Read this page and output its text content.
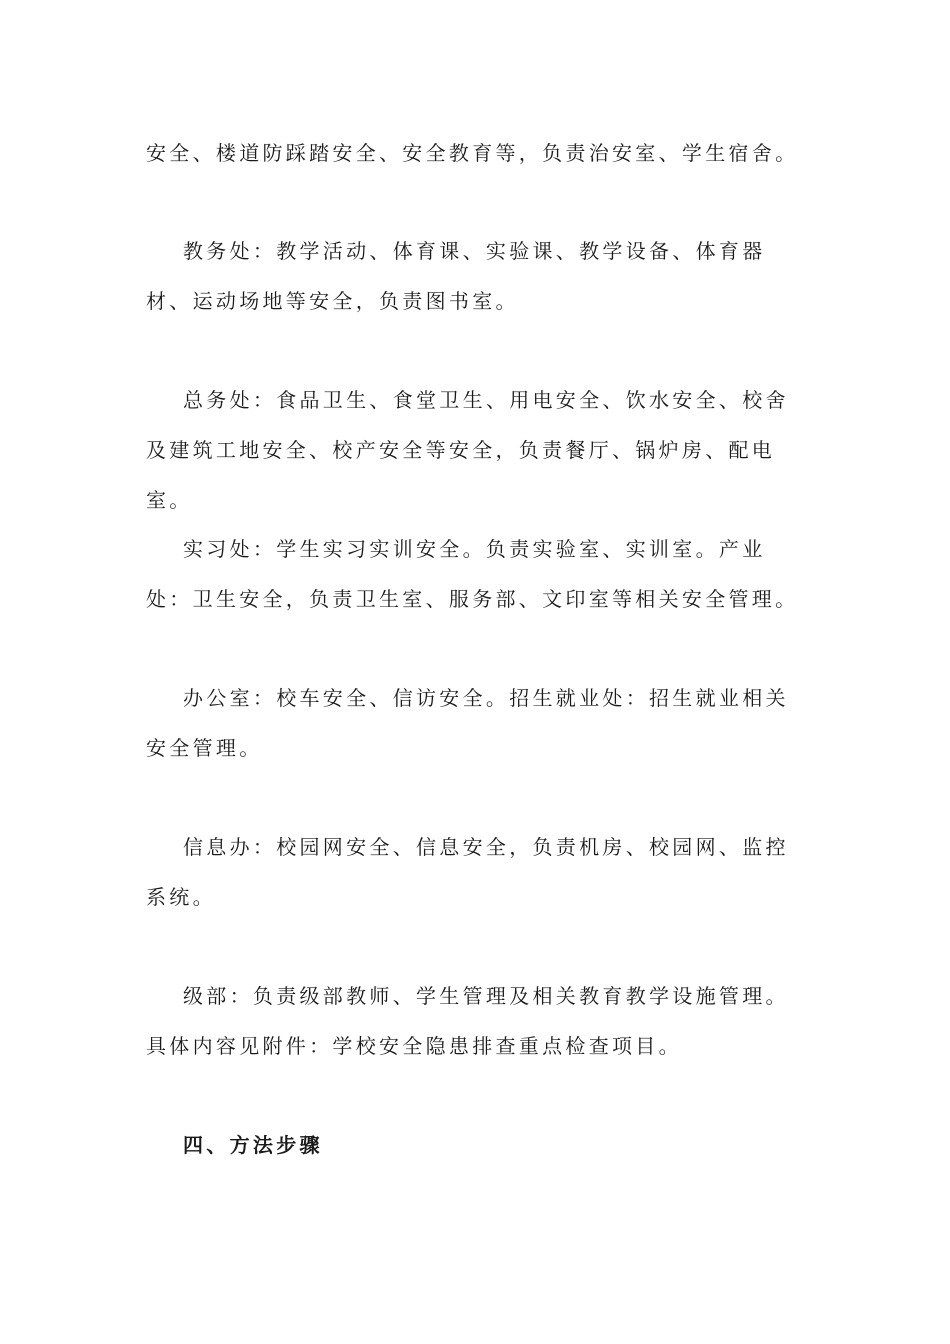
安全、楼道防踩踏安全、安全教育等，负责治安室、学生宿舍。

教务处：教学活动、体育课、实验课、教学设备、体育器材、运动场地等安全，负责图书室。

总务处：食品卫生、食堂卫生、用电安全、饮水安全、校舍及建筑工地安全、校产安全等安全，负责餐厅、锅炉房、配电室。

实习处：学生实习实训安全。负责实验室、实训室。产业处：卫生安全，负责卫生室、服务部、文印室等相关安全管理。

办公室：校车安全、信访安全。招生就业处：招生就业相关安全管理。

信息办：校园网安全、信息安全，负责机房、校园网、监控系统。

级部：负责级部教师、学生管理及相关教育教学设施管理。具体内容见附件：学校安全隐患排查重点检查项目。

四、方法步骤
